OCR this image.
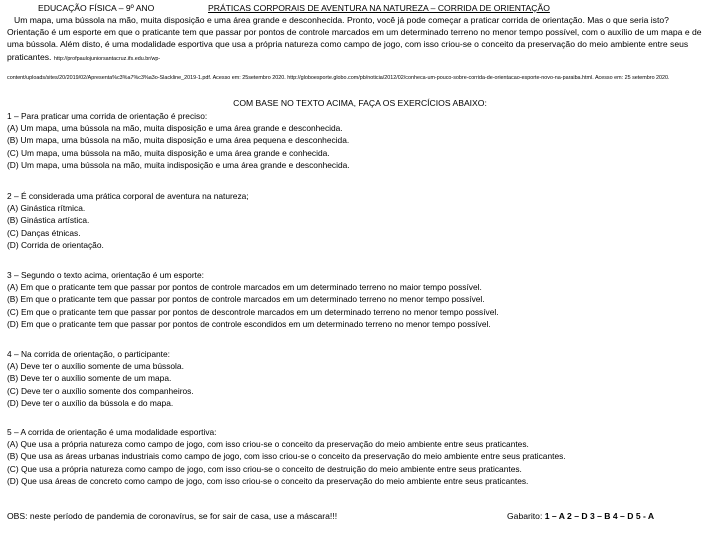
EDUCAÇÃO FÍSICA – 9º ANO	PRÁTICAS CORPORAIS DE AVENTURA NA NATUREZA – CORRIDA DE ORIENTAÇÃO
Um mapa, uma bússola na mão, muita disposição e uma área grande e desconhecida. Pronto, você já pode começar a praticar corrida de orientação. Mas o que seria isto? Orientação é um esporte em que o praticante tem que passar por pontos de controle marcados em um determinado terreno no menor tempo possível, com o auxílio de um mapa e de uma bússola. Além disto, é uma modalidade esportiva que usa a própria natureza como campo de jogo, com isso criou-se o conceito da preservação do meio ambiente entre seus praticantes. http://profpaulojuniorsantacruz.ifs.edu.br/wp-
content/uploads/sites/20/2019/02/Apresenta%c3%a7%c3%a3o-Slackline_2019-1.pdf. Acesso em: 25setembro 2020. http://globoesporte.globo.com/pb/noticia/2012/02/conheca-um-pouco-sobre-corrida-de-orientacao-esporte-novo-na-paraiba.html. Acesso em: 25 setembro 2020.
COM BASE NO TEXTO ACIMA, FAÇA OS EXERCÍCIOS ABAIXO:
1 – Para praticar uma corrida de orientação é preciso:
(A) Um mapa, uma bússola na mão, muita disposição e uma área grande e desconhecida.
(B) Um mapa, uma bússola na mão, muita disposição e uma área pequena e desconhecida.
(C) Um mapa, uma bússola na mão, muita disposição e uma área grande e conhecida.
(D) Um mapa, uma bússola na mão, muita indisposição e uma área grande e desconhecida.
2 – É considerada uma prática corporal de aventura na natureza;
(A) Ginástica rítmica.
(B) Ginástica artística.
(C) Danças étnicas.
(D) Corrida de orientação.
3 – Segundo o texto acima, orientação é um esporte:
(A) Em que o praticante tem que passar por pontos de controle marcados em um determinado terreno no maior tempo possível.
(B) Em que o praticante tem que passar por pontos de controle marcados em um determinado terreno no menor tempo possível.
(C) Em que o praticante tem que passar por pontos de descontrole marcados em um determinado terreno no menor tempo possível.
(D) Em que o praticante tem que passar por pontos de controle escondidos em um determinado terreno no menor tempo possível.
4 – Na corrida de orientação, o participante:
(A) Deve ter o auxílio somente de uma bússola.
(B) Deve ter o auxílio somente de um mapa.
(C) Deve ter o auxílio somente dos companheiros.
(D) Deve ter o auxílio da bússola e do mapa.
5 – A corrida de orientação é uma modalidade esportiva:
(A) Que usa a própria natureza como campo de jogo, com isso criou-se o conceito da preservação do meio ambiente entre seus praticantes.
(B) Que usa as áreas urbanas industriais como campo de jogo, com isso criou-se o conceito da preservação do meio ambiente entre seus praticantes.
(C) Que usa a própria natureza como campo de jogo, com isso criou-se o conceito de destruição do meio ambiente entre seus praticantes.
(D) Que usa áreas de concreto como campo de jogo, com isso criou-se o conceito da preservação do meio ambiente entre seus praticantes.
OBS: neste período de pandemia de coronavírus, se for sair de casa, use a máscara!!!	Gabarito: 1 – A 2 – D 3 – B 4 – D 5 - A
